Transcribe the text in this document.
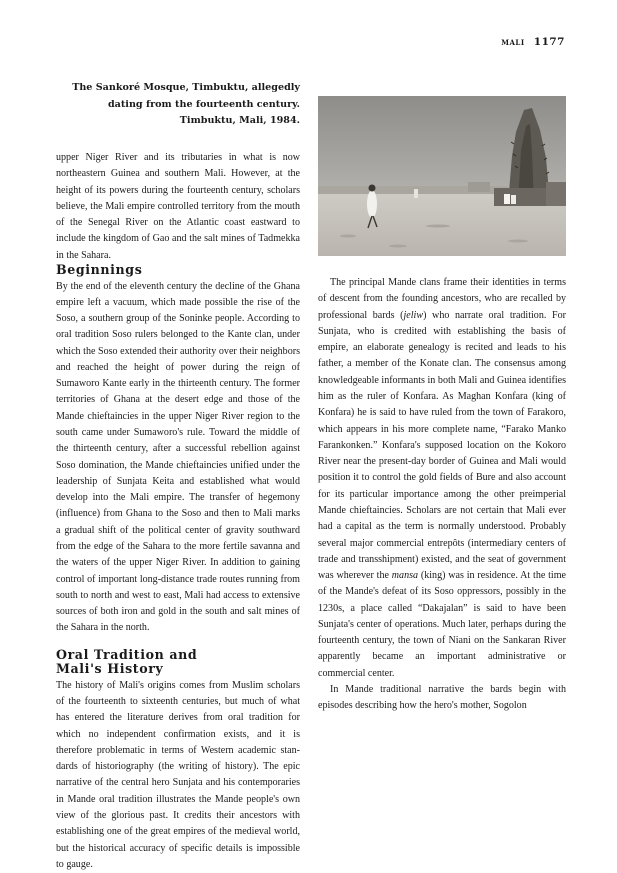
mali 1177
The Sankoré Mosque, Timbuktu, allegedly dating from the fourteenth century. Timbuktu, Mali, 1984.

upper Niger River and its tributaries in what is now northeastern Guinea and southern Mali. However, at the height of its powers during the fourteenth century, scholars believe, the Mali empire controlled territory from the mouth of the Senegal River on the Atlantic coast eastward to include the kingdom of Gao and the salt mines of Tadmekka in the Sahara.

Beginnings

By the end of the eleventh century the decline of the Ghana empire left a vacuum, which made possible the rise of the Soso, a southern group of the Soninke people. According to oral tradition Soso rulers belonged to the Kante clan, under which the Soso extended their authority over their neighbors and reached the height of power during the reign of Sumaworo Kante early in the thirteenth century. The former territories of Ghana at the desert edge and those of the Mande chieftaincies in the upper Niger River region to the south came under Sumaworo's rule. Toward the middle of the thirteenth century, after a successful rebellion against Soso domination, the Mande chieftaincies unified under the leadership of Sunjata Keita and established what would develop into the Mali empire. The transfer of hegemony (influence) from Ghana to the Soso and then to Mali marks a gradual shift of the political center of gravity southward from the edge of the Sahara to the more fertile savanna and the waters of the upper Niger River. In addition to gaining control of important long-distance trade routes running from south to north and west to east, Mali had access to extensive sources of both iron and gold in the south and salt mines of the Sahara in the north.

Oral Tradition and
Mali's History

The history of Mali's origins comes from Muslim scholars of the fourteenth to sixteenth centuries, but much of what has entered the literature derives from oral tradition for which no independent confirmation exists, and it is therefore problematic in terms of Western academic standards of historiography (the writing of history). The epic narrative of the central hero Sunjata and his contemporaries in Mande oral tradition illustrates the Mande people's own view of the glorious past. It credits their ancestors with establishing one of the great empires of the medieval world, but the historical accuracy of specific details is impossible to gauge.

The principal Mande clans frame their identities in terms of descent from the founding ancestors, who are recalled by professional bards (jeliw) who narrate oral tradition. For Sunjata, who is credited with establishing the basis of empire, an elaborate genealogy is recited and leads to his father, a member of the Konate clan. The consensus among knowledgeable informants in both Mali and Guinea identifies him as the ruler of Konfara. As Maghan Konfara (king of Konfara) he is said to have ruled from the town of Farakoro, which appears in his more complete name, “Farako Manko Farankonken.” Konfara's supposed location on the Kokoro River near the present-day border of Guinea and Mali would position it to control the gold fields of Bure and also account for its particular importance among the other preimperial Mande chieftaincies. Scholars are not certain that Mali ever had a capital as the term is normally understood. Probably several major commercial entrepôts (intermediary centers of trade and transshipment) existed, and the seat of government was wherever the mansa (king) was in residence. At the time of the Mande's defeat of its Soso oppressors, possibly in the 1230s, a place called “Dakajalan” is said to have been Sunjata's center of operations. Much later, perhaps during the fourteenth century, the town of Niani on the Sankaran River apparently became an important administrative or commercial center.

In Mande traditional narrative the bards begin with episodes describing how the hero's mother, Sogolon
